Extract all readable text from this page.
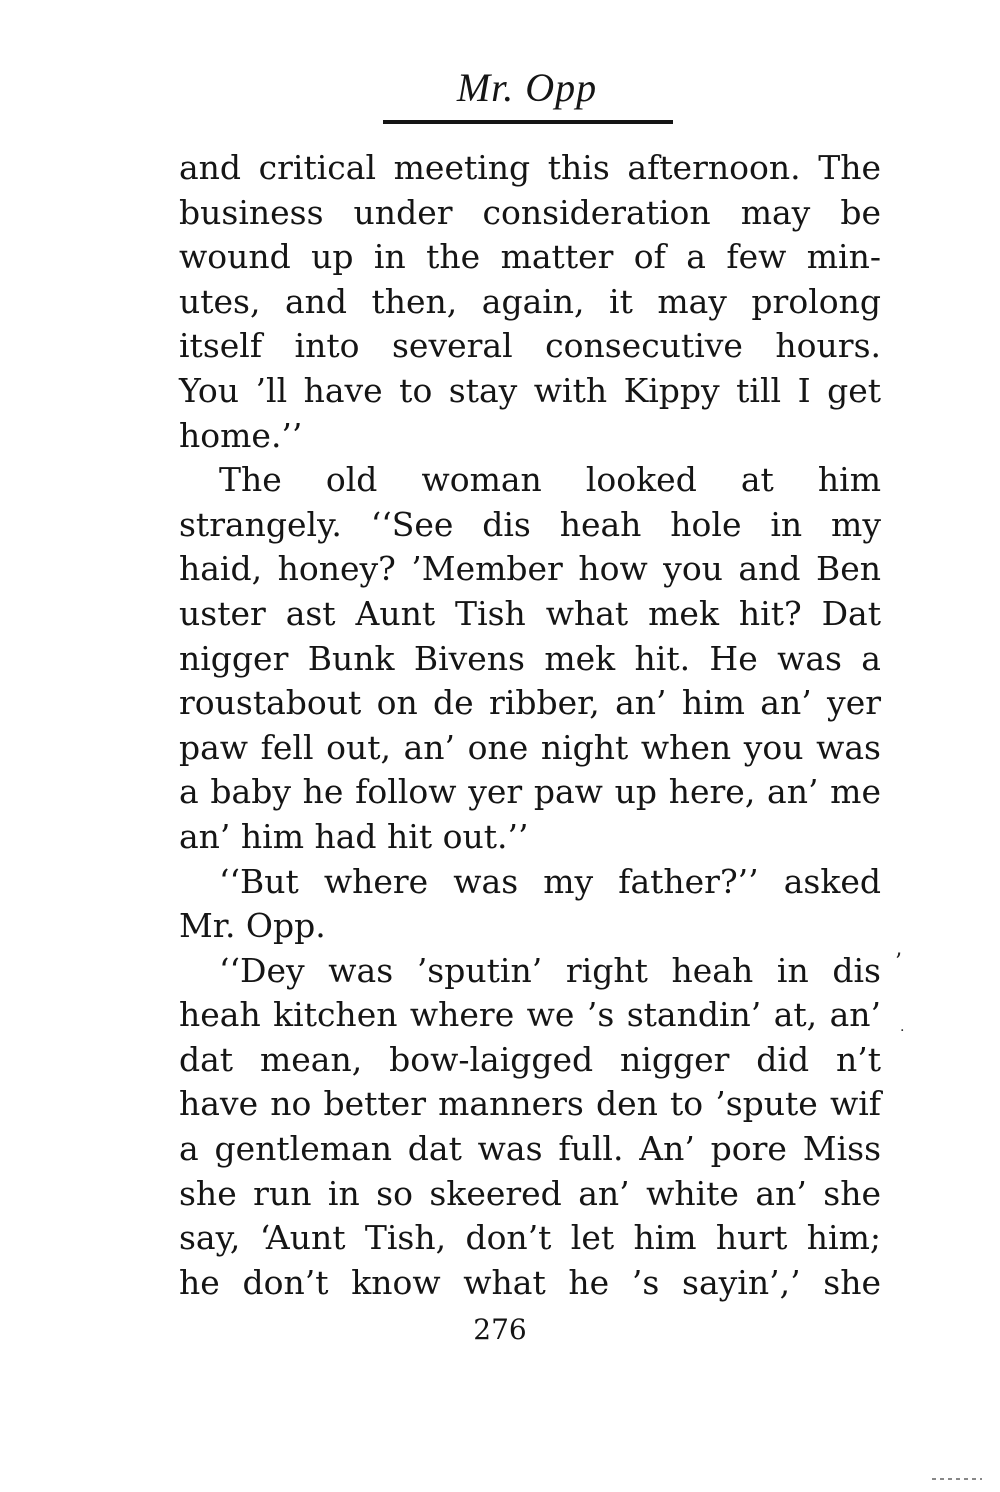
Mr. Opp
and critical meeting this afternoon. The
business under consideration may be
wound up in the matter of a few min-
utes, and then, again, it may prolong
itself into several consecutive hours.
You ’ll have to stay with Kippy till I get
home.’’
The old woman looked at him
strangely. ‘‘See dis heah hole in my
haid, honey? ’Member how you and Ben
uster ast Aunt Tish what mek hit? Dat
nigger Bunk Bivens mek hit. He was a
roustabout on de ribber, an’ him an’ yer
paw fell out, an’ one night when you was
a baby he follow yer paw up here, an’ me
an’ him had hit out.’’
‘‘But where was my father?’’ asked
Mr. Opp.
‘‘Dey was ’sputin’ right heah in dis
heah kitchen where we ’s standin’ at, an’
dat mean, bow-laigged nigger did n’t
have no better manners den to ’spute wif
a gentleman dat was full. An’ pore Miss
she run in so skeered an’ white an’ she
say, ‘Aunt Tish, don’t let him hurt him;
he don’t know what he ’s sayin’,’ she
’
.
276
